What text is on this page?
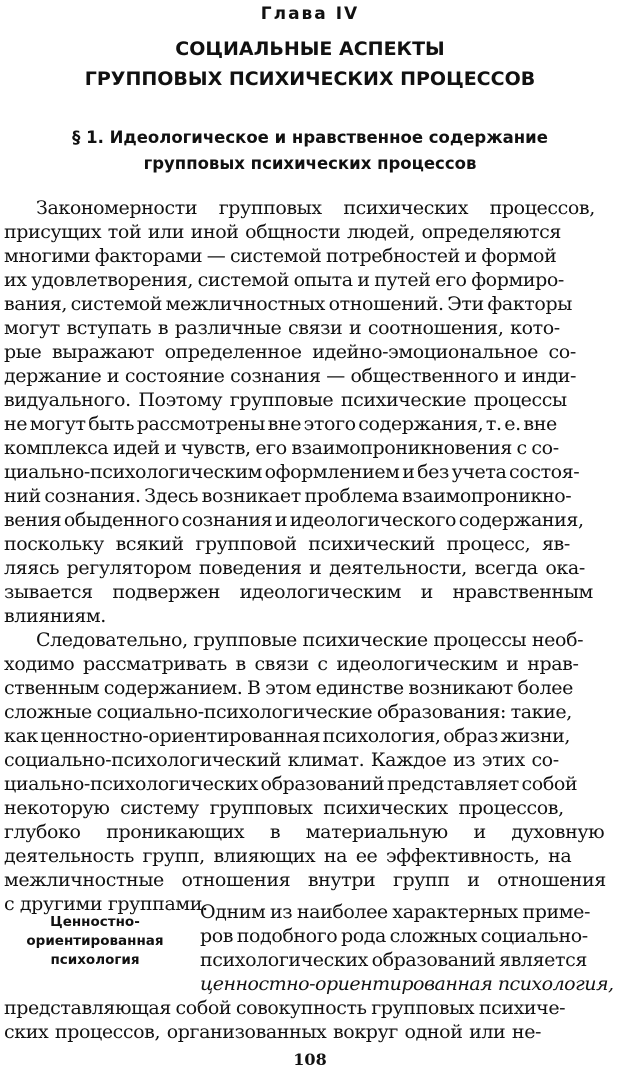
Глава IV
СОЦИАЛЬНЫЕ АСПЕКТЫ
ГРУППОВЫХ ПСИХИЧЕСКИХ ПРОЦЕССОВ
§ 1. Идеологическое и нравственное содержание
групповых психических процессов
Закономерности групповых психических процессов,
присущих той или иной общности людей, определяются
многими факторами — системой потребностей и формой
их удовлетворения, системой опыта и путей его формиро-
вания, системой межличностных отношений. Эти факторы
могут вступать в различные связи и соотношения, кото-
рые выражают определенное идейно-эмоциональное со-
держание и состояние сознания — общественного и инди-
видуального. Поэтому групповые психические процессы
не могут быть рассмотрены вне этого содержания, т. е. вне
комплекса идей и чувств, его взаимопроникновения с со-
циально-психологическим оформлением и без учета состоя-
ний сознания. Здесь возникает проблема взаимопроникно-
вения обыденного сознания и идеологического содержания,
поскольку всякий групповой психический процесс, яв-
ляясь регулятором поведения и деятельности, всегда ока-
зывается подвержен идеологическим и нравственным
влияниям.
Следовательно, групповые психические процессы необ-
ходимо рассматривать в связи с идеологическим и нрав-
ственным содержанием. В этом единстве возникают более
сложные социально-психологические образования: такие,
как ценностно-ориентированная психология, образ жизни,
социально-психологический климат. Каждое из этих со-
циально-психологических образований представляет собой
некоторую систему групповых психических процессов,
глубоко проникающих в материальную и духовную
деятельность групп, влияющих на ее эффективность, на
межличностные отношения внутри групп и отношения
с другими группами.
Ценностно-
ориентированная
психология
Одним из наиболее характерных приме-
ров подобного рода сложных социально-
психологических образований является
ценностно-ориентированная психология,
представляющая собой совокупность групповых психиче-
ских процессов, организованных вокруг одной или не-
108
